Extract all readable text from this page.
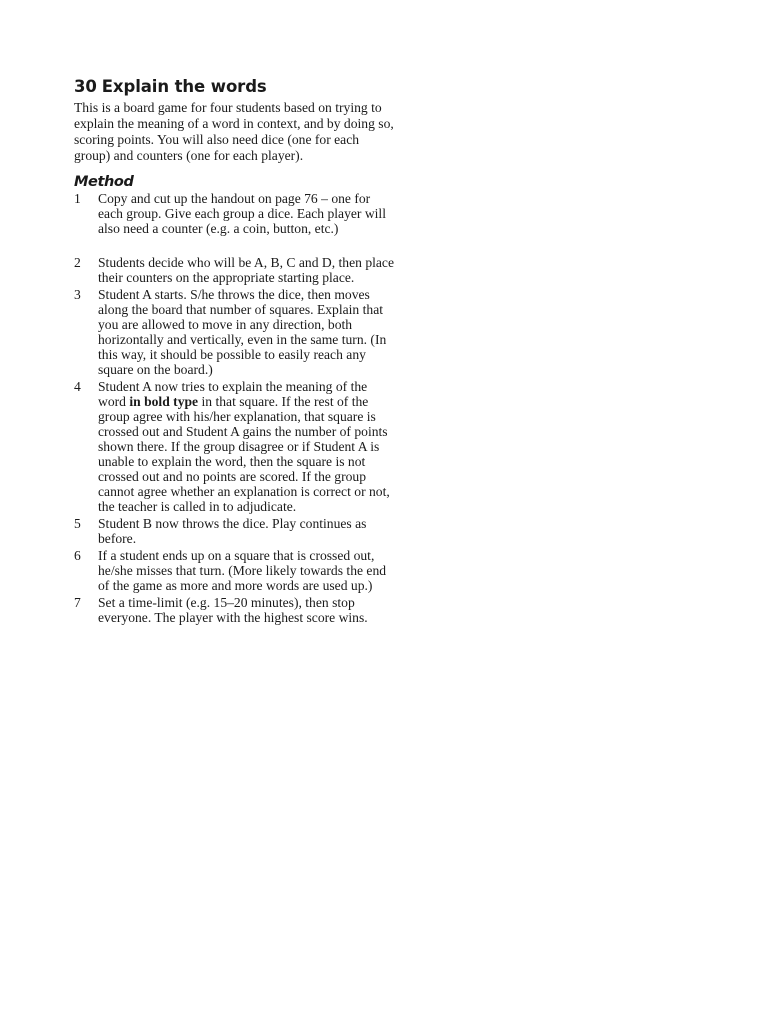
30 Explain the words

This is a board game for four students based on trying to explain the meaning of a word in context, and by doing so, scoring points. You will also need dice (one for each group) and counters (one for each player).

Method
1 Copy and cut up the handout on page 76 – one for each group. Give each group a dice. Each player will also need a counter (e.g. a coin, button, etc.)
2 Students decide who will be A, B, C and D, then place their counters on the appropriate starting place.
3 Student A starts. S/he throws the dice, then moves along the board that number of squares. Explain that you are allowed to move in any direction, both horizontally and vertically, even in the same turn. (In this way, it should be possible to easily reach any square on the board.)
4 Student A now tries to explain the meaning of the word in bold type in that square. If the rest of the group agree with his/her explanation, that square is crossed out and Student A gains the number of points shown there. If the group disagree or if Student A is unable to explain the word, then the square is not crossed out and no points are scored. If the group cannot agree whether an explanation is correct or not, the teacher is called in to adjudicate.
5 Student B now throws the dice. Play continues as before.
6 If a student ends up on a square that is crossed out, he/she misses that turn. (More likely towards the end of the game as more and more words are used up.)
7 Set a time-limit (e.g. 15–20 minutes), then stop everyone. The player with the highest score wins.
